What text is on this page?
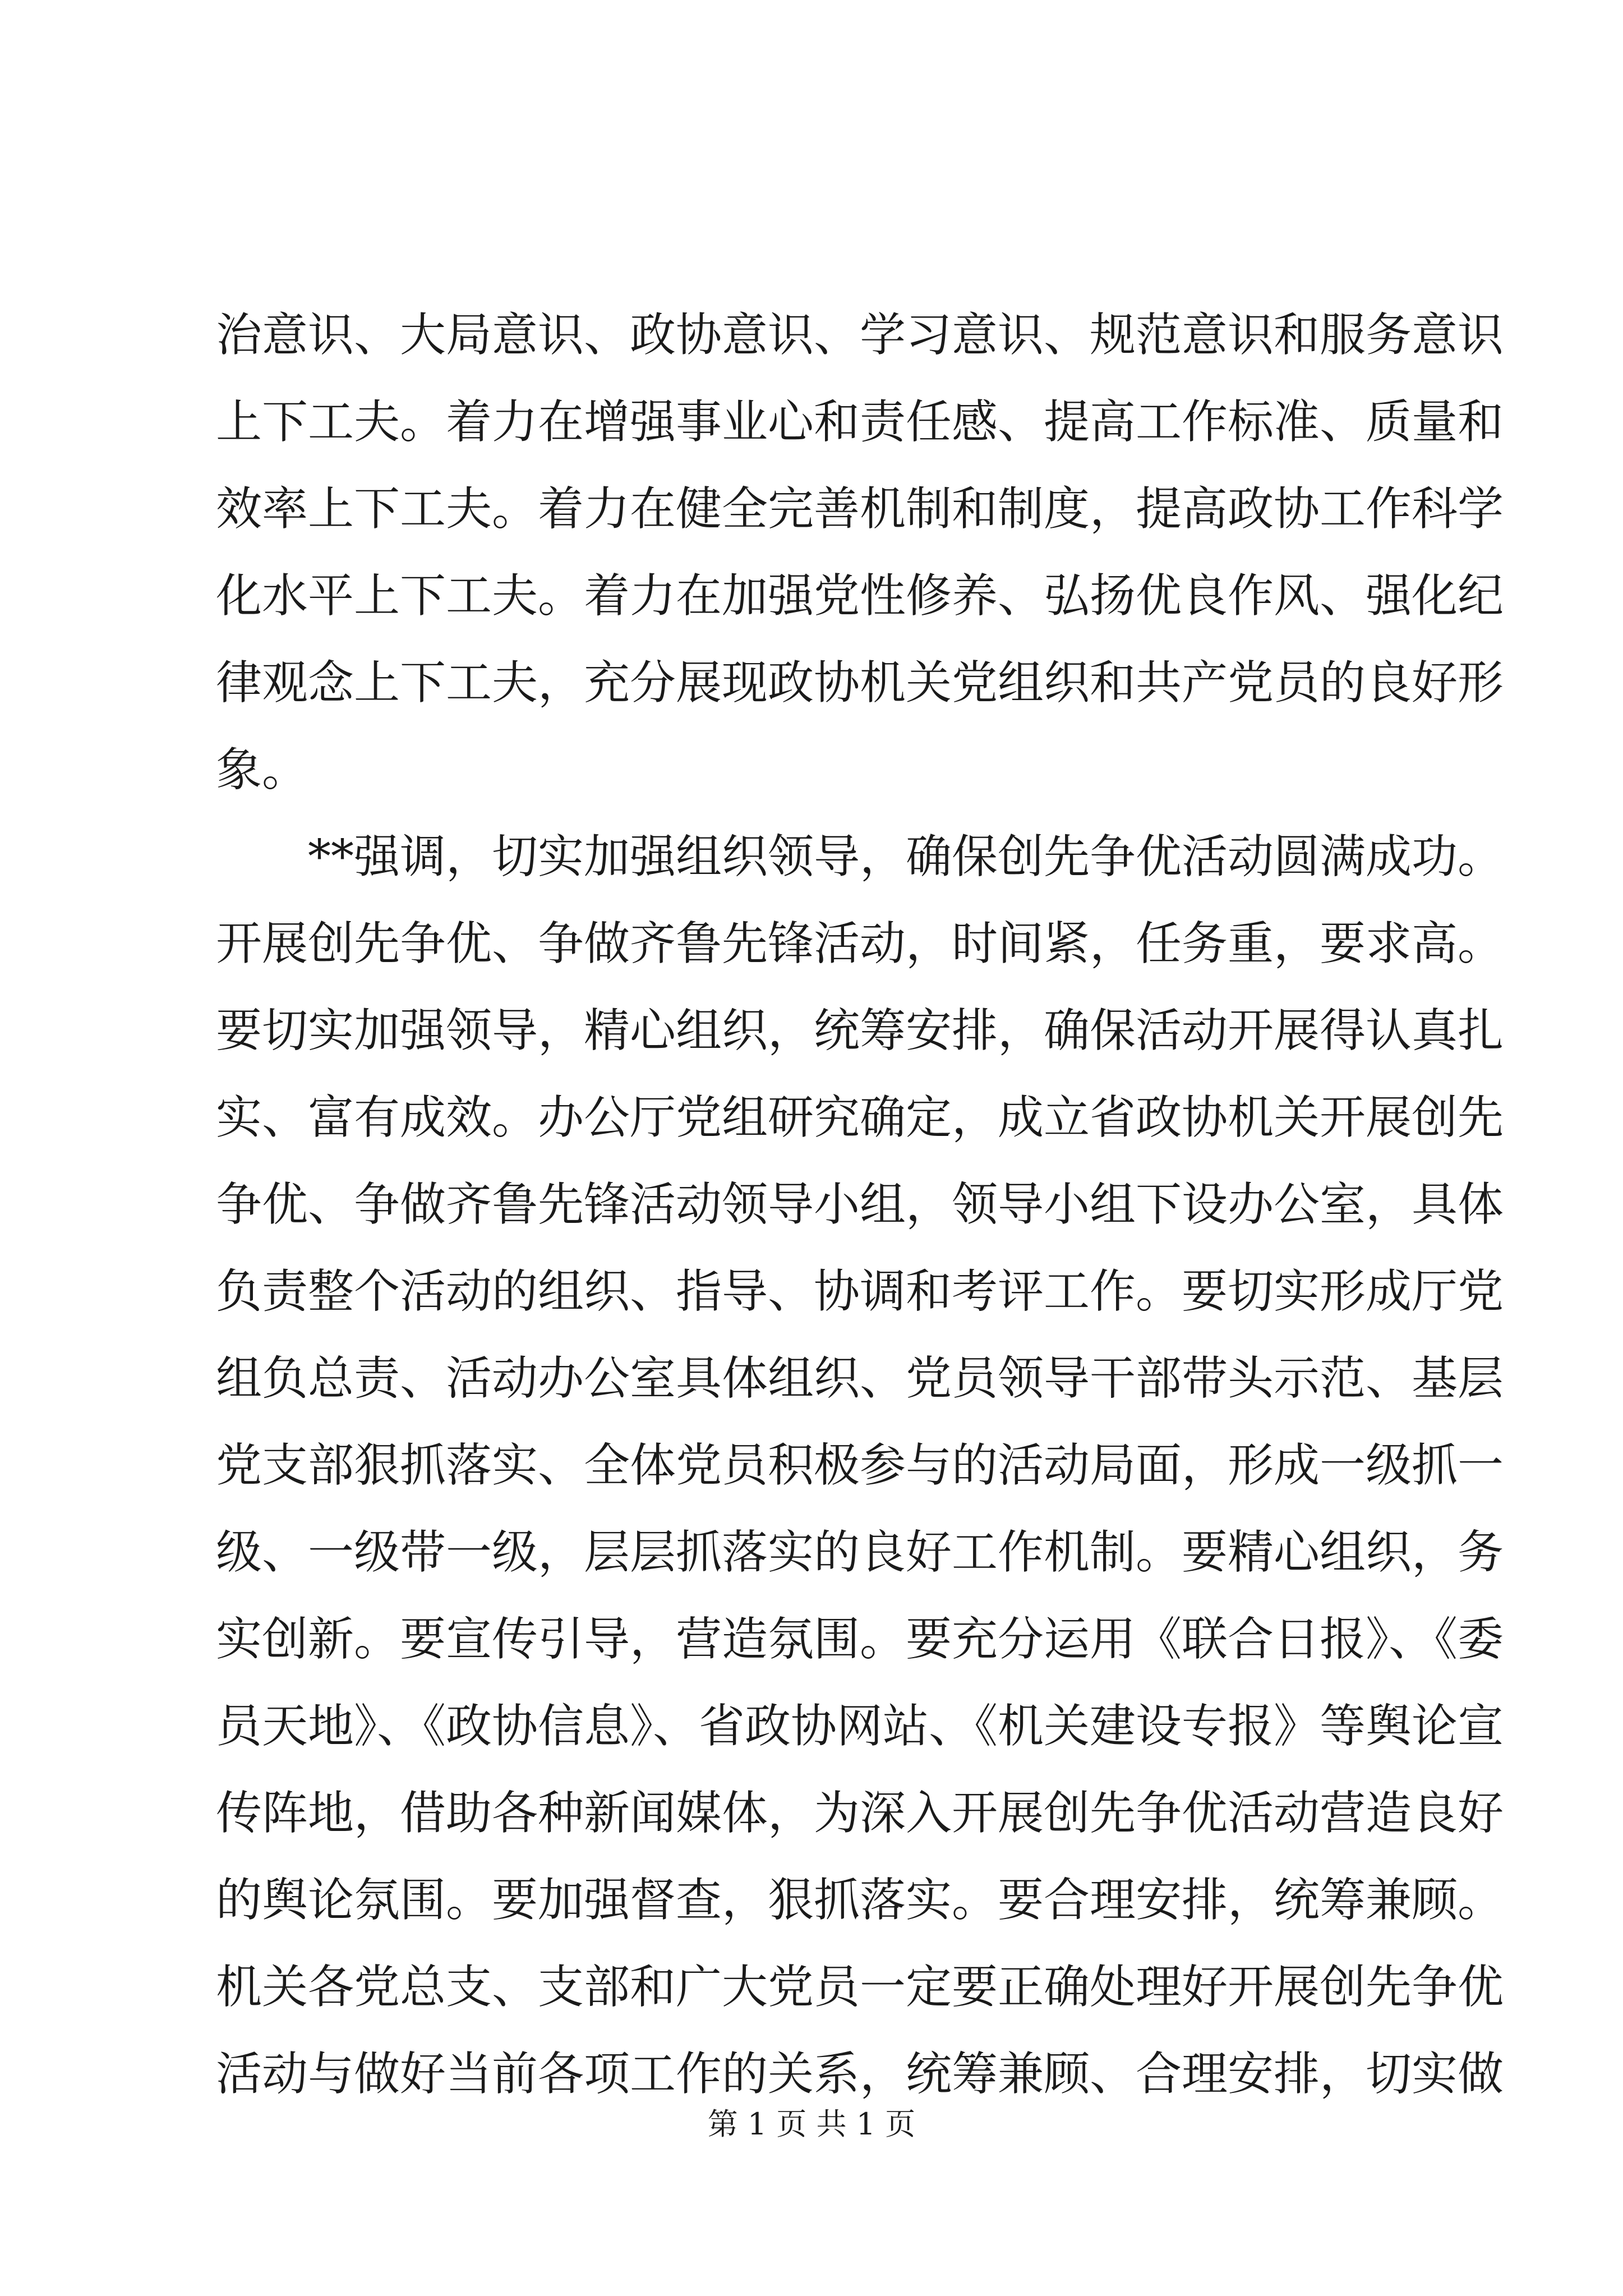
治意识、大局意识、政协意识、学习意识、规范意识和服务意识
上下工夫。着力在增强事业心和责任感、提高工作标准、质量和
效率上下工夫。着力在健全完善机制和制度，提高政协工作科学
化水平上下工夫。着力在加强党性修养、弘扬优良作风、强化纪
律观念上下工夫，充分展现政协机关党组织和共产党员的良好形
象。
　　**强调，切实加强组织领导，确保创先争优活动圆满成功。
开展创先争优、争做齐鲁先锋活动，时间紧，任务重，要求高。
要切实加强领导，精心组织，统筹安排，确保活动开展得认真扎
实、富有成效。办公厅党组研究确定，成立省政协机关开展创先
争优、争做齐鲁先锋活动领导小组，领导小组下设办公室，具体
负责整个活动的组织、指导、协调和考评工作。要切实形成厅党
组负总责、活动办公室具体组织、党员领导干部带头示范、基层
党支部狠抓落实、全体党员积极参与的活动局面，形成一级抓一
级、一级带一级，层层抓落实的良好工作机制。要精心组织，务
实创新。要宣传引导，营造氛围。要充分运用《联合日报》、《委
员天地》、《政协信息》、省政协网站、《机关建设专报》等舆论宣
传阵地，借助各种新闻媒体，为深入开展创先争优活动营造良好
的舆论氛围。要加强督查，狠抓落实。要合理安排，统筹兼顾。
机关各党总支、支部和广大党员一定要正确处理好开展创先争优
活动与做好当前各项工作的关系，统筹兼顾、合理安排，切实做
第 1 页 共 1 页
